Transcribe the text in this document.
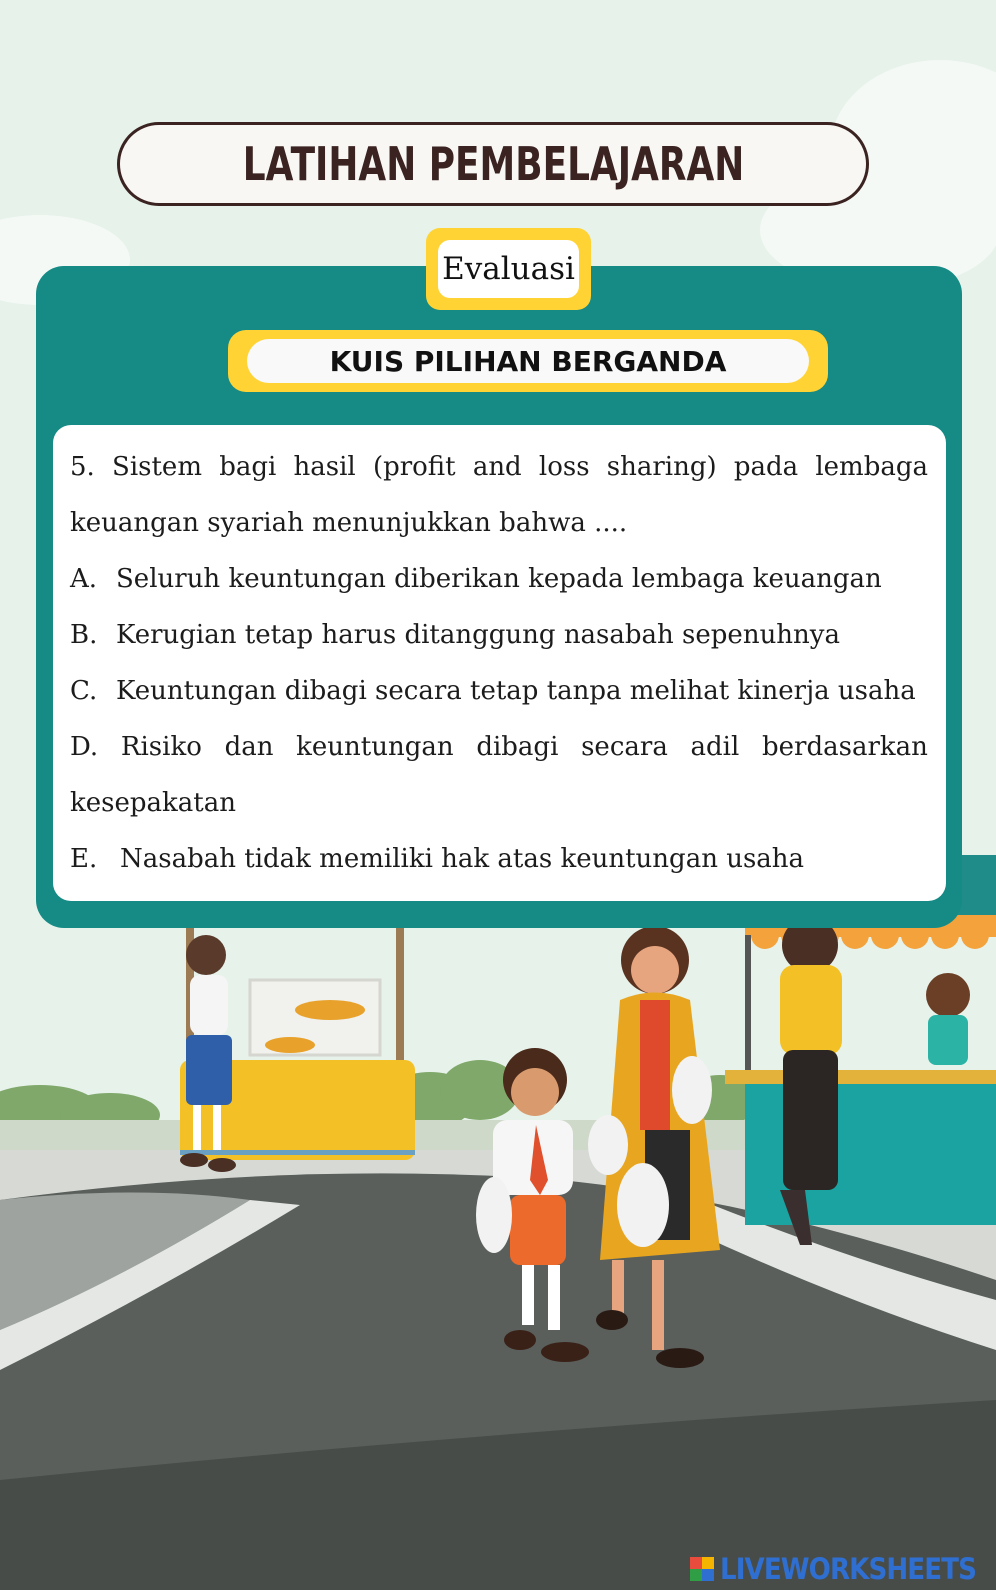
LATIHAN PEMBELAJARAN
Evaluasi
KUIS PILIHAN BERGANDA
5. Sistem bagi hasil (profit and loss sharing) pada lembaga
keuangan syariah menunjukkan bahwa ....
A. Seluruh keuntungan diberikan kepada lembaga keuangan
B. Kerugian tetap harus ditanggung nasabah sepenuhnya
C. Keuntungan dibagi secara tetap tanpa melihat kinerja usaha
D. Risiko dan keuntungan dibagi secara adil berdasarkan
kesepakatan
E. Nasabah tidak memiliki hak atas keuntungan usaha
LIVEWORKSHEETS
